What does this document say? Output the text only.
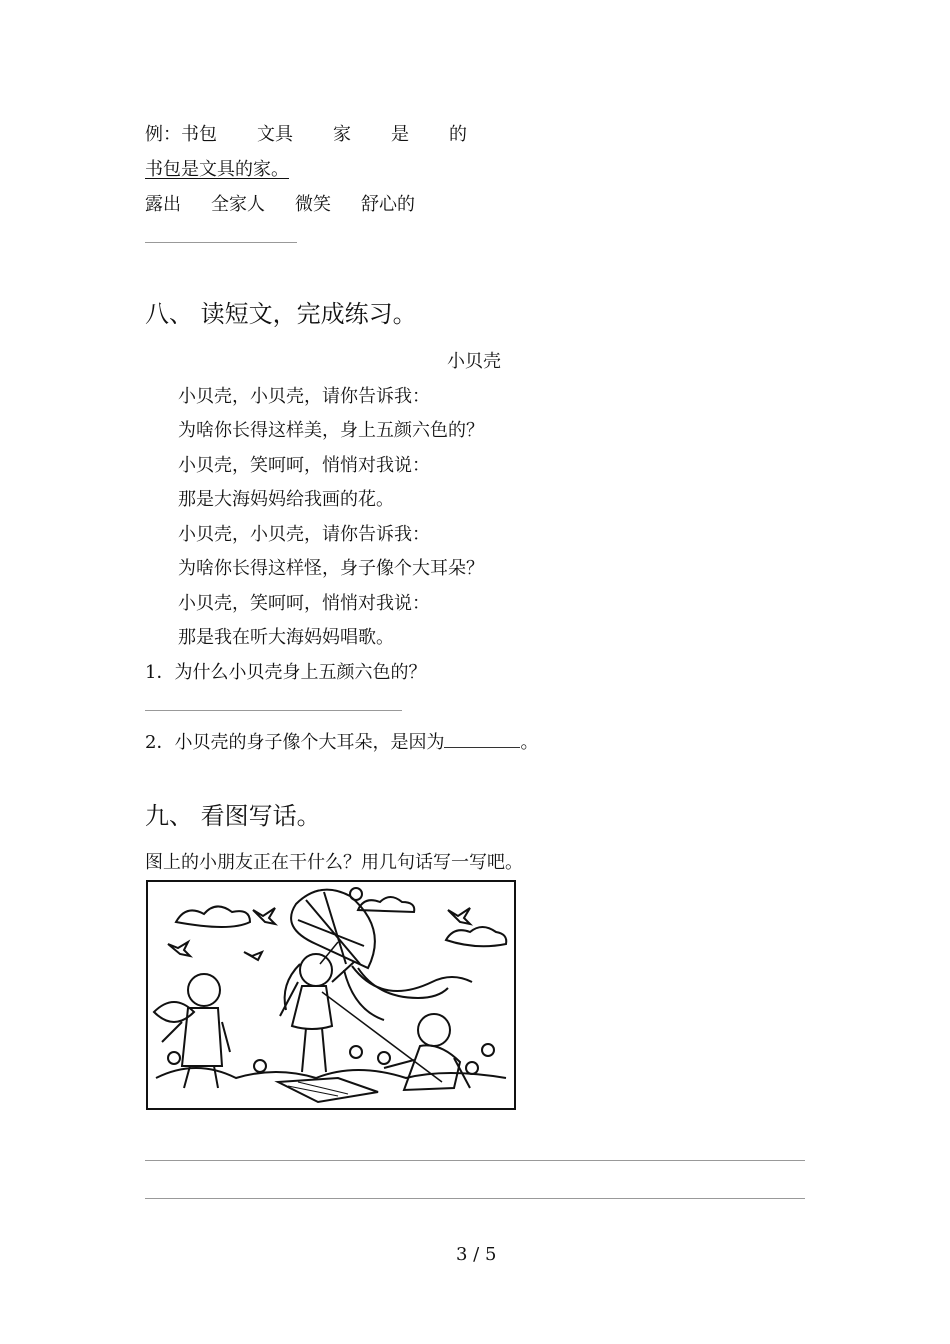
例：书包 文具 家 是 的
书包是文具的家。
露出 全家人 微笑 舒心的
八、 读短文，完成练习。
小贝壳
小贝壳，小贝壳，请你告诉我：
为啥你长得这样美，身上五颜六色的？
小贝壳，笑呵呵，悄悄对我说：
那是大海妈妈给我画的花。
小贝壳，小贝壳，请你告诉我：
为啥你长得这样怪，身子像个大耳朵？
小贝壳，笑呵呵，悄悄对我说：
那是我在听大海妈妈唱歌。
1．为什么小贝壳身上五颜六色的？
2．小贝壳的身子像个大耳朵，是因为	。
九、 看图写话。
图上的小朋友正在干什么？用几句话写一写吧。
3 / 5
